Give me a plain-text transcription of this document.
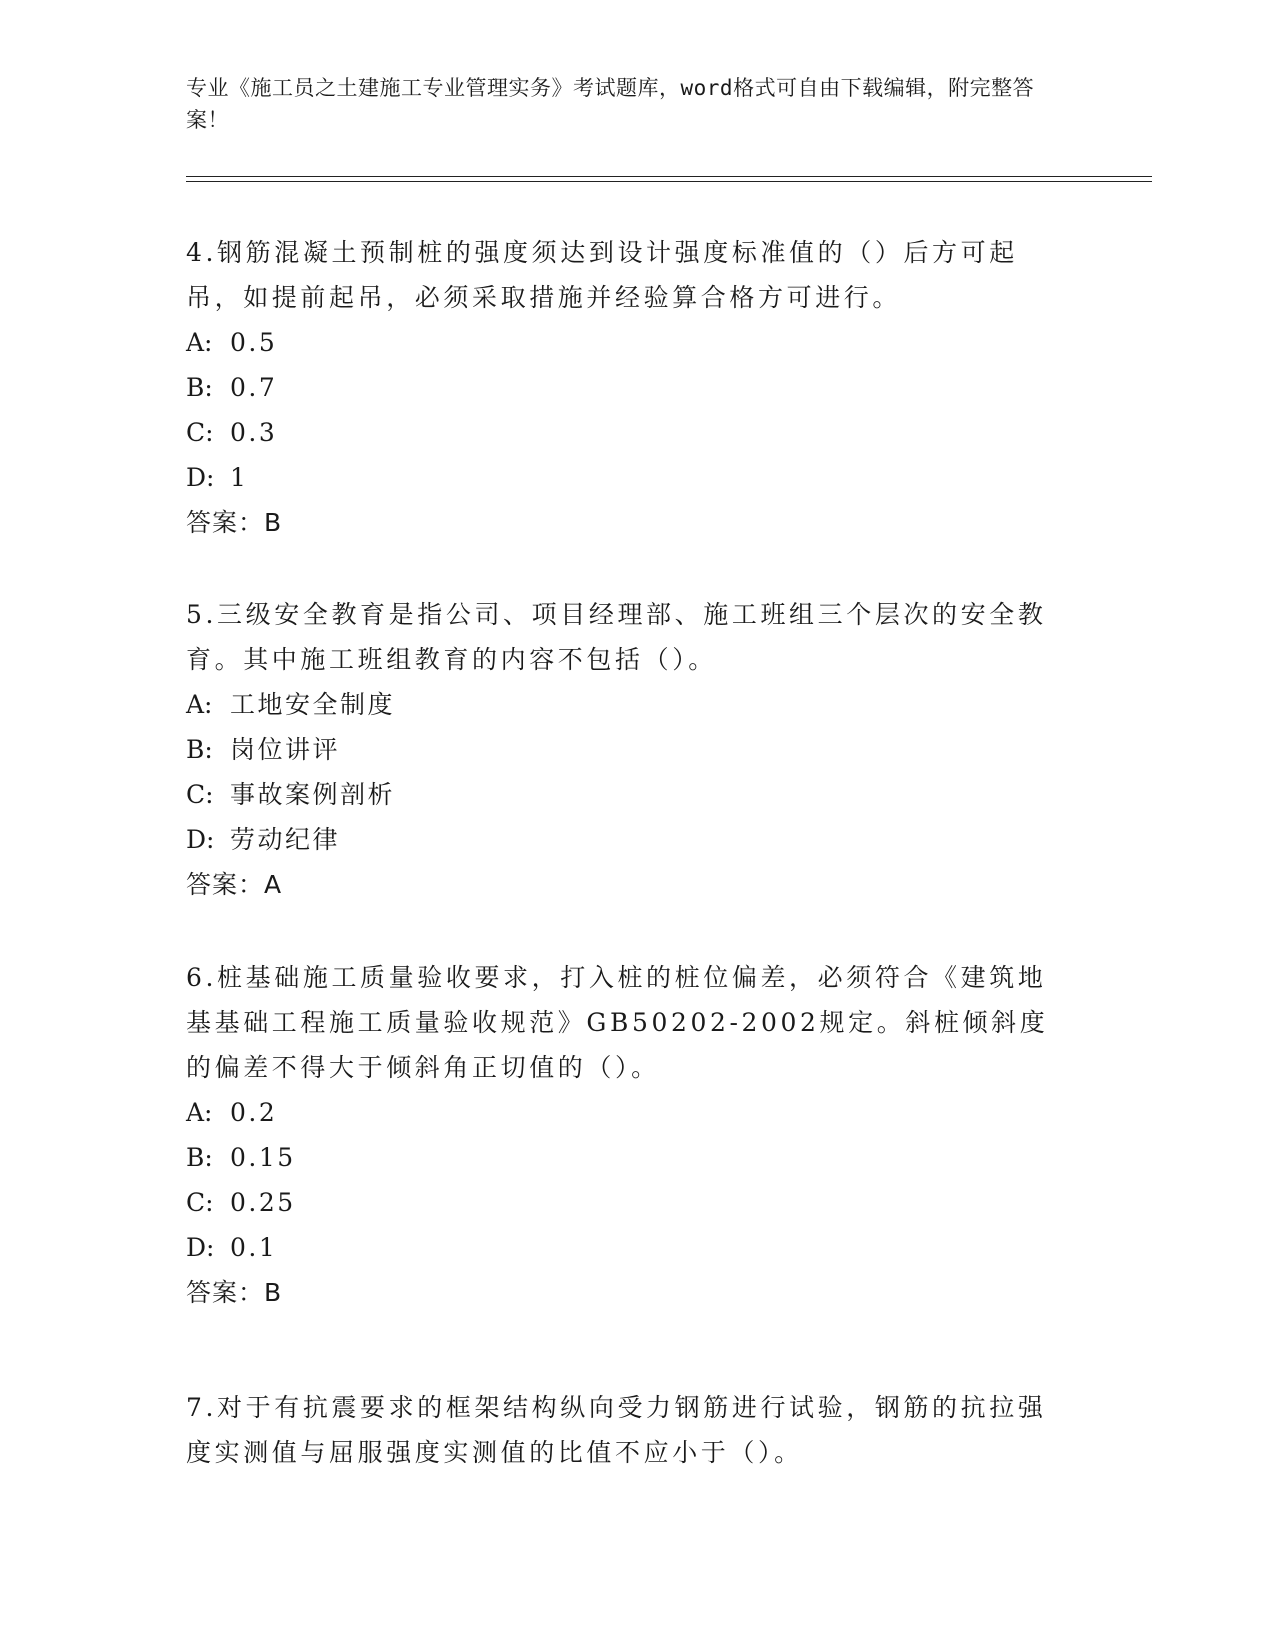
专业《施工员之土建施工专业管理实务》考试题库，word格式可自由下载编辑，附完整答案！

4.钢筋混凝土预制桩的强度须达到设计强度标准值的（）后方可起吊，如提前起吊，必须采取措施并经验算合格方可进行。

A: 0.5

B: 0.7

C: 0.3

D: 1

答案：B

5.三级安全教育是指公司、项目经理部、施工班组三个层次的安全教育。其中施工班组教育的内容不包括（）。

A: 工地安全制度

B: 岗位讲评

C: 事故案例剖析

D: 劳动纪律

答案：A

6.桩基础施工质量验收要求，打入桩的桩位偏差，必须符合《建筑地基基础工程施工质量验收规范》GB50202-2002规定。斜桩倾斜度的偏差不得大于倾斜角正切值的（）。

A: 0.2

B: 0.15

C: 0.25

D: 0.1

答案：B

7.对于有抗震要求的框架结构纵向受力钢筋进行试验，钢筋的抗拉强度实测值与屈服强度实测值的比值不应小于（）。
